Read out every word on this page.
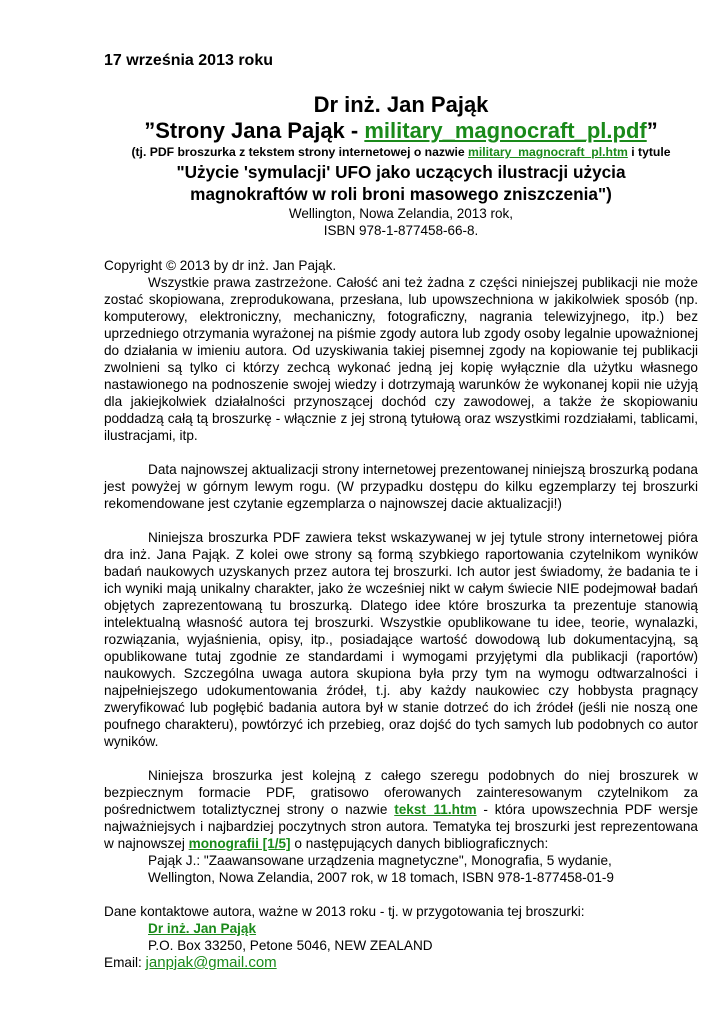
17 września 2013 roku
Dr inż. Jan Pająk
”Strony Jana Pająk - military_magnocraft_pl.pdf”
(tj. PDF broszurka z tekstem strony internetowej o nazwie military_magnocraft_pl.htm i tytule
"Użycie 'symulacji' UFO jako uczących ilustracji użycia
magnokraftów w roli broni masowego zniszczenia")
Wellington, Nowa Zelandia, 2013 rok,
ISBN 978-1-877458-66-8.

Copyright © 2013 by dr inż. Jan Pająk.

Wszystkie prawa zastrzeżone. Całość ani też żadna z części niniejszej publikacji nie może zostać skopiowana, zreprodukowana, przesłana, lub upowszechniona w jakikolwiek sposób (np. komputerowy, elektroniczny, mechaniczny, fotograficzny, nagrania telewizyjnego, itp.) bez uprzedniego otrzymania wyrażonej na piśmie zgody autora lub zgody osoby legalnie upoważnionej do działania w imieniu autora. Od uzyskiwania takiej pisemnej zgody na kopiowanie tej publikacji zwolnieni są tylko ci którzy zechcą wykonać jedną jej kopię wyłącznie dla użytku własnego nastawionego na podnoszenie swojej wiedzy i dotrzymają warunków że wykonanej kopii nie użyją dla jakiejkolwiek działalności przynoszącej dochód czy zawodowej, a także że skopiowaniu poddadzą całą tą broszurkę - włącznie z jej stroną tytułową oraz wszystkimi rozdziałami, tablicami, ilustracjami, itp.

Data najnowszej aktualizacji strony internetowej prezentowanej niniejszą broszurką podana jest powyżej w górnym lewym rogu. (W przypadku dostępu do kilku egzemplarzy tej broszurki rekomendowane jest czytanie egzemplarza o najnowszej dacie aktualizacji!)

Niniejsza broszurka PDF zawiera tekst wskazywanej w jej tytule strony internetowej pióra dra inż. Jana Pająk. Z kolei owe strony są formą szybkiego raportowania czytelnikom wyników badań naukowych uzyskanych przez autora tej broszurki. Ich autor jest świadomy, że badania te i ich wyniki mają unikalny charakter, jako że wcześniej nikt w całym świecie NIE podejmował badań objętych zaprezentowaną tu broszurką. Dlatego idee które broszurka ta prezentuje stanowią intelektualną własność autora tej broszurki. Wszystkie opublikowane tu idee, teorie, wynalazki, rozwiązania, wyjaśnienia, opisy, itp., posiadające wartość dowodową lub dokumentacyjną, są opublikowane tutaj zgodnie ze standardami i wymogami przyjętymi dla publikacji (raportów) naukowych. Szczególna uwaga autora skupiona była przy tym na wymogu odtwarzalności i najpełniejszego udokumentowania źródeł, t.j. aby każdy naukowiec czy hobbysta pragnący zweryfikować lub pogłębić badania autora był w stanie dotrzeć do ich źródeł (jeśli nie noszą one poufnego charakteru), powtórzyć ich przebieg, oraz dojść do tych samych lub podobnych co autor wyników.

Niniejsza broszurka jest kolejną z całego szeregu podobnych do niej broszurek w bezpiecznym formacie PDF, gratisowo oferowanych zainteresowanym czytelnikom za pośrednictwem totaliztycznej strony o nazwie tekst_11.htm - która upowszechnia PDF wersje najważniejsych i najbardziej poczytnych stron autora. Tematyka tej broszurki jest reprezentowana w najnowszej monografii [1/5] o następujących danych bibliograficznych:

Pająk J.: "Zaawansowane urządzenia magnetyczne", Monografia, 5 wydanie,

Wellington, Nowa Zelandia, 2007 rok, w 18 tomach, ISBN 978-1-877458-01-9

Dane kontaktowe autora, ważne w 2013 roku - tj. w przygotowania tej broszurki:

Dr inż. Jan Pająk

P.O. Box 33250, Petone 5046, NEW ZEALAND

Email: janpjak@gmail.com
